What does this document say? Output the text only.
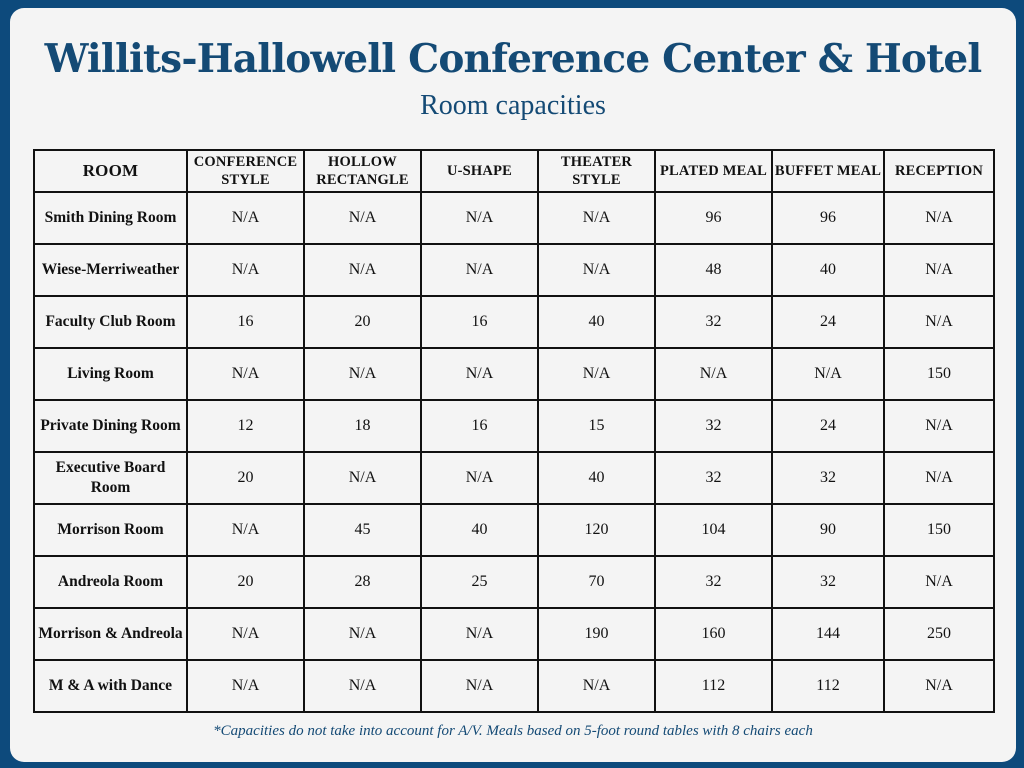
Willits-Hallowell Conference Center & Hotel
Room capacities
ROOM	CONFERENCE STYLE	HOLLOW RECTANGLE	U-SHAPE	THEATER STYLE	PLATED MEAL	BUFFET MEAL	RECEPTION
Smith Dining Room	N/A	N/A	N/A	N/A	96	96	N/A
Wiese-Merriweather	N/A	N/A	N/A	N/A	48	40	N/A
Faculty Club Room	16	20	16	40	32	24	N/A
Living Room	N/A	N/A	N/A	N/A	N/A	N/A	150
Private Dining Room	12	18	16	15	32	24	N/A
Executive Board Room	20	N/A	N/A	40	32	32	N/A
Morrison Room	N/A	45	40	120	104	90	150
Andreola Room	20	28	25	70	32	32	N/A
Morrison & Andreola	N/A	N/A	N/A	190	160	144	250
M & A with Dance	N/A	N/A	N/A	N/A	112	112	N/A
*Capacities do not take into account for A/V. Meals based on 5-foot round tables with 8 chairs each
